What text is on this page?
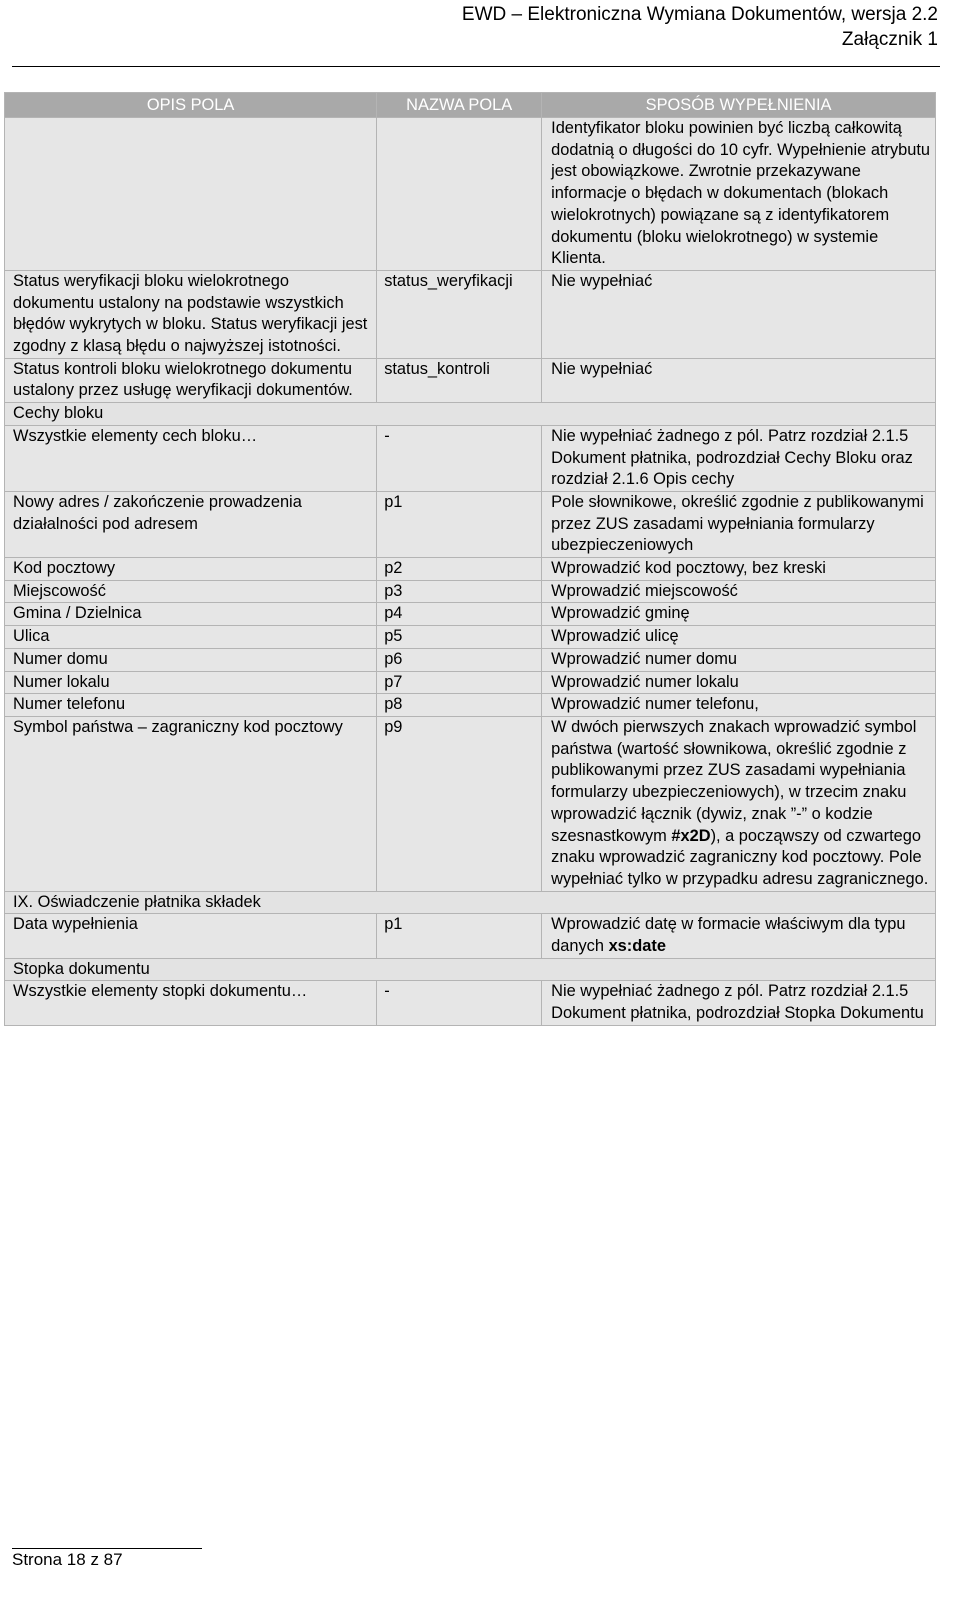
EWD – Elektroniczna Wymiana Dokumentów, wersja 2.2
Załącznik 1
OPIS POLA	NAZWA POLA	SPOSÓB WYPEŁNIENIA
		Identyfikator bloku powinien być liczbą całkowitą dodatnią o długości do 10 cyfr. Wypełnienie atrybutu jest obowiązkowe. Zwrotnie przekazywane informacje o błędach w dokumentach (blokach wielokrotnych) powiązane są z identyfikatorem dokumentu (bloku wielokrotnego) w systemie Klienta.
Status weryfikacji bloku wielokrotnego dokumentu ustalony na podstawie wszystkich błędów wykrytych w bloku. Status weryfikacji jest zgodny z klasą błędu o najwyższej istotności.	status_weryfikacji	Nie wypełniać
Status kontroli bloku wielokrotnego dokumentu ustalony przez usługę weryfikacji dokumentów.	status_kontroli	Nie wypełniać
Cechy bloku		
Wszystkie elementy cech bloku…	-	Nie wypełniać żadnego z pól. Patrz rozdział 2.1.5 Dokument płatnika, podrozdział Cechy Bloku oraz rozdział 2.1.6 Opis cechy
Nowy adres / zakończenie prowadzenia działalności pod adresem	p1	Pole słownikowe, określić zgodnie z publikowanymi przez ZUS zasadami wypełniania formularzy ubezpieczeniowych
Kod pocztowy	p2	Wprowadzić kod pocztowy, bez kreski
Miejscowość	p3	Wprowadzić miejscowość
Gmina / Dzielnica	p4	Wprowadzić gminę
Ulica	p5	Wprowadzić ulicę
Numer domu	p6	Wprowadzić numer domu
Numer lokalu	p7	Wprowadzić numer lokalu
Numer telefonu	p8	Wprowadzić numer telefonu,
Symbol państwa – zagraniczny kod pocztowy	p9	W dwóch pierwszych znakach wprowadzić symbol państwa (wartość słownikowa, określić zgodnie z publikowanymi przez ZUS zasadami wypełniania formularzy ubezpieczeniowych), w trzecim znaku wprowadzić łącznik (dywiz, znak ”-” o kodzie szesnastkowym #x2D), a począwszy od czwartego znaku wprowadzić zagraniczny kod pocztowy. Pole wypełniać tylko w przypadku adresu zagranicznego.
IX. Oświadczenie płatnika składek		
Data wypełnienia	p1	Wprowadzić datę w formacie właściwym dla typu danych xs:date
Stopka dokumentu		
Wszystkie elementy stopki dokumentu…	-	Nie wypełniać żadnego z pól. Patrz rozdział 2.1.5 Dokument płatnika, podrozdział Stopka Dokumentu
Strona 18 z 87
